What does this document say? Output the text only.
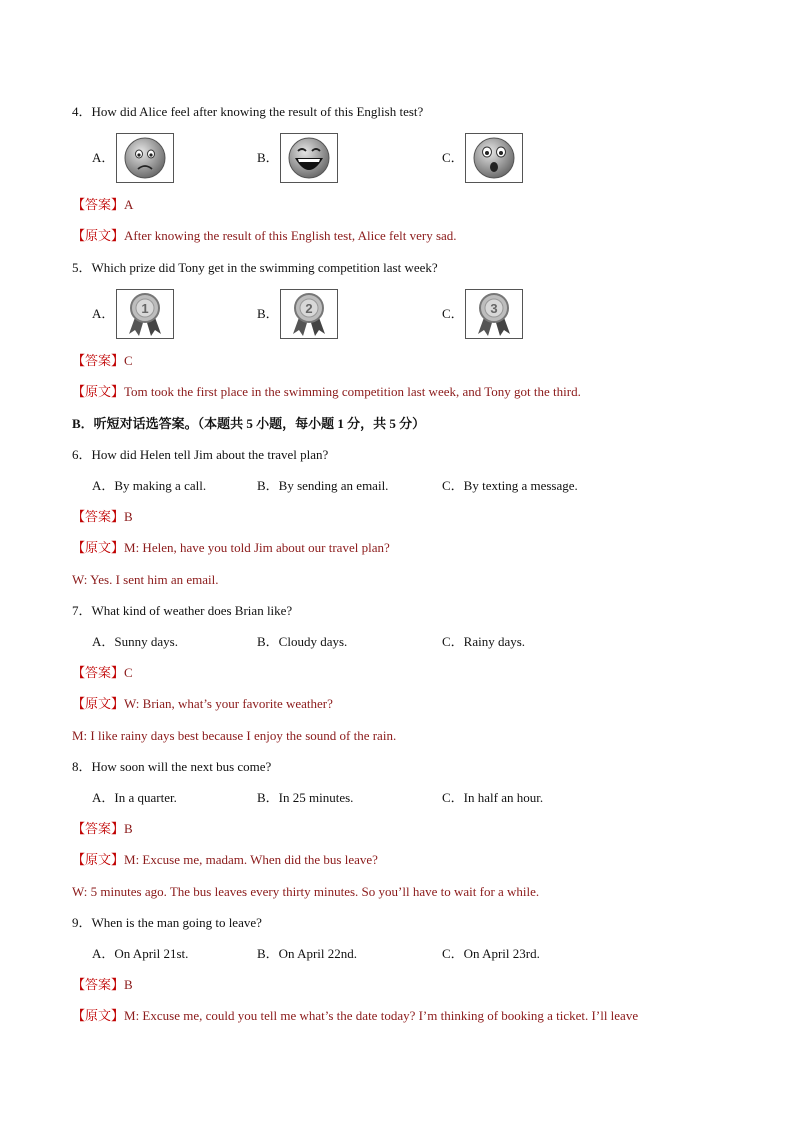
4．How did Alice feel after knowing the result of this English test?
A．	B．	C．
【答案】A
【原文】After knowing the result of this English test, Alice felt very sad.
5．Which prize did Tony get in the swimming competition last week?
A． 1	B． 2	C． 3
【答案】C
【原文】Tom took the first place in the swimming competition last week, and Tony got the third.
B．听短对话选答案。（本题共 5 小题，每小题 1 分，共 5 分）
6．How did Helen tell Jim about the travel plan?
A．By making a call.	B．By sending an email.	C．By texting a message.
【答案】B
【原文】M: Helen, have you told Jim about our travel plan?
W: Yes. I sent him an email.
7．What kind of weather does Brian like?
A．Sunny days.	B．Cloudy days.	C．Rainy days.
【答案】C
【原文】W: Brian, what’s your favorite weather?
M: I like rainy days best because I enjoy the sound of the rain.
8．How soon will the next bus come?
A．In a quarter.	B．In 25 minutes.	C．In half an hour.
【答案】B
【原文】M: Excuse me, madam. When did the bus leave?
W: 5 minutes ago. The bus leaves every thirty minutes. So you’ll have to wait for a while.
9．When is the man going to leave?
A．On April 21st.	B．On April 22nd.	C．On April 23rd.
【答案】B
【原文】M: Excuse me, could you tell me what’s the date today? I’m thinking of booking a ticket. I’ll leave
